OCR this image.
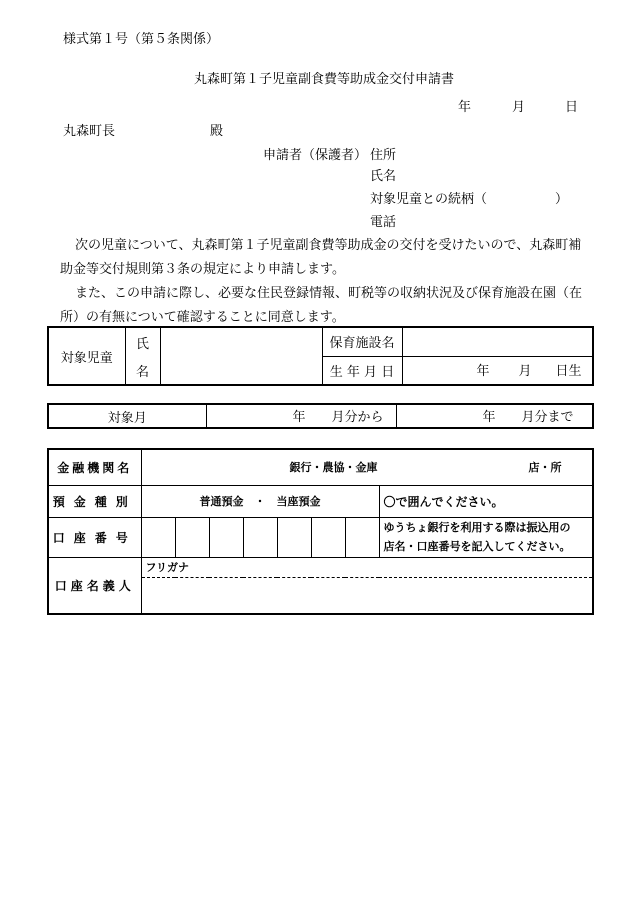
様式第１号（第５条関係）
丸森町第１子児童副食費等助成金交付申請書
年	月	日
丸森町長	殿
申請者（保護者） 住所
氏名
対象児童との続柄（	）
電話
次の児童について、丸森町第１子児童副食費等助成金の交付を受けたいので、丸森町補助金等交付規則第３条の規定により申請します。
また、この申請に際し、必要な住民登録情報、町税等の収納状況及び保育施設在園（在所）の有無について確認することに同意します。
対象児童	氏		保育施設名	
	名		生 年 月 日	年 月 日生
対象月	年 月分から	年 月分まで
金融機関名	銀行・農協・金庫 店・所							

預金種別	普通預金　・　当座預金							〇で囲んでください。
口座番号								ゆうちょ銀行を利用する際は振込用の
店名・口座番号を記入してください。

口座名義人	フリガナ							
